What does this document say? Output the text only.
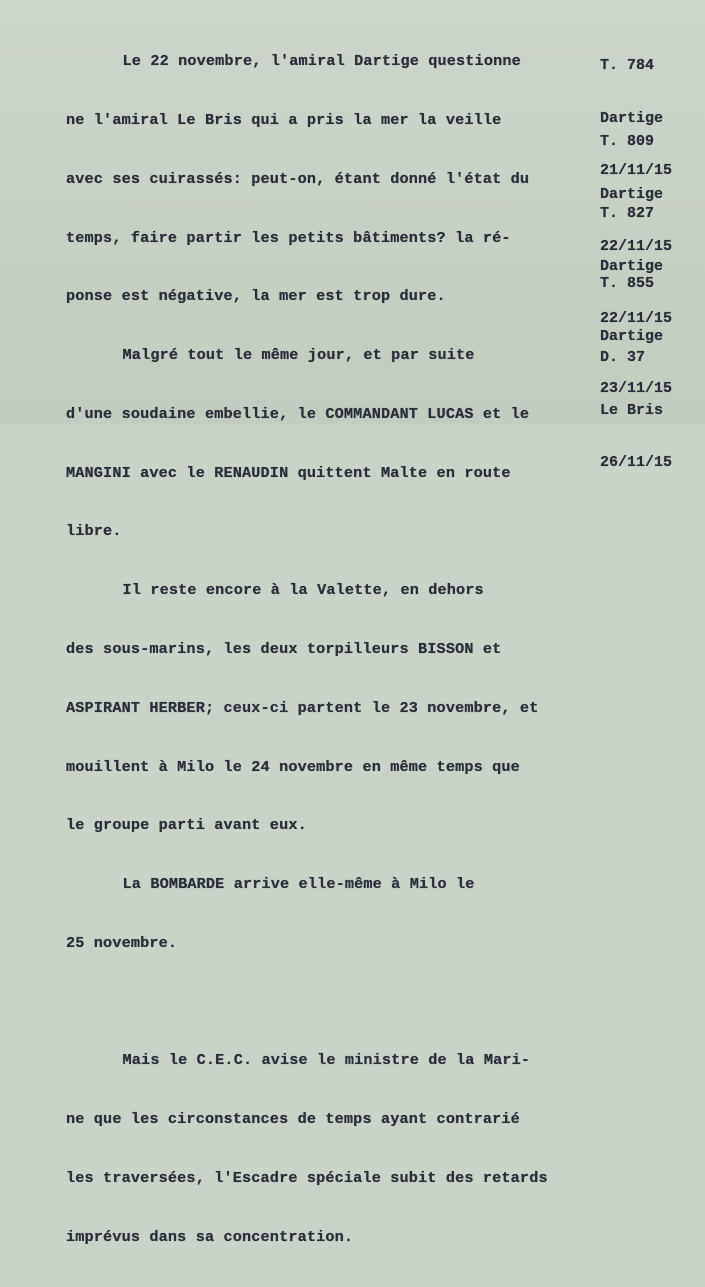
Le 22 novembre, l'amiral Dartige questionne

ne l'amiral Le Bris qui a pris la mer la veille

avec ses cuirassés: peut-on, étant donné l'état du

temps, faire partir les petits bâtiments? la ré-

ponse est négative, la mer est trop dure.

Malgré tout le même jour, et par suite

d'une soudaine embellie, le COMMANDANT LUCAS et le

MANGINI avec le RENAUDIN quittent Malte en route

libre.

Il reste encore à la Valette, en dehors

des sous-marins, les deux torpilleurs BISSON et

ASPIRANT HERBER; ceux-ci partent le 23 novembre, et

mouillent à Milo le 24 novembre en même temps que

le groupe parti avant eux.

La BOMBARDE arrive elle-même à Milo le

25 novembre.

Mais le C.E.C. avise le ministre de la Mari-

ne que les circonstances de temps ayant contrarié

les traversées, l'Escadre spéciale subit des retards

imprévus dans sa concentration.

T. 784

Dartige

21/11/15

T. 809

Dartige

22/11/15

T. 827

Dartige

22/11/15

T. 855

Dartige

23/11/15

D. 37

Le Bris

26/11/15
